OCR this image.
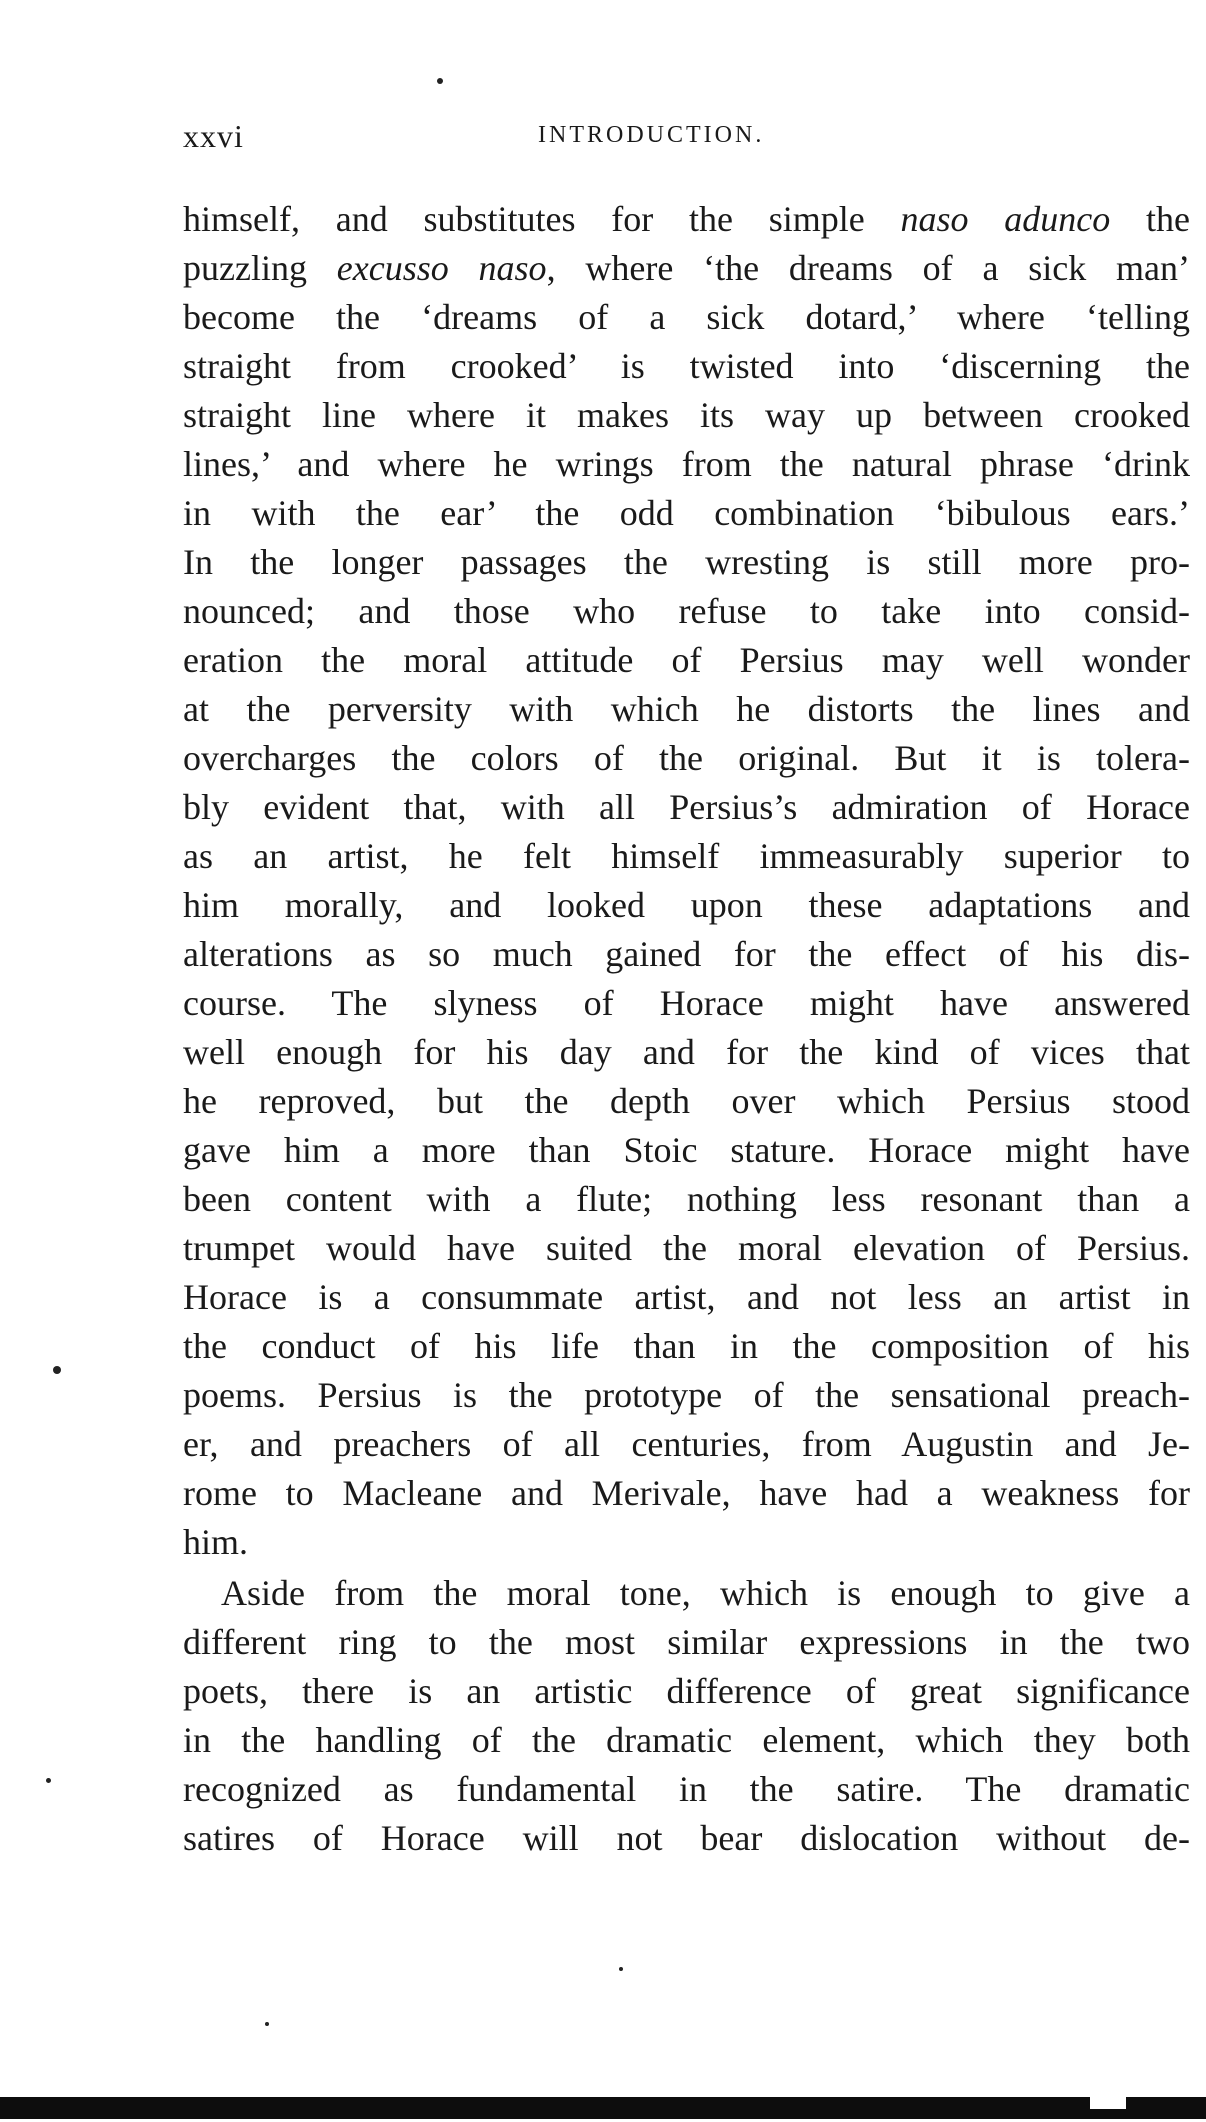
xxvi	INTRODUCTION.
himself, and substitutes for the simple naso adunco the
puzzling excusso naso, where ‘the dreams of a sick man’
become the ‘dreams of a sick dotard,’ where ‘telling
straight from crooked’ is twisted into ‘discerning the
straight line where it makes its way up between crooked
lines,’ and where he wrings from the natural phrase ‘drink
in with the ear’ the odd combination ‘bibulous ears.’
In the longer passages the wresting is still more pro-
nounced; and those who refuse to take into consid-
eration the moral attitude of Persius may well wonder
at the perversity with which he distorts the lines and
overcharges the colors of the original. But it is tolera-
bly evident that, with all Persius’s admiration of Horace
as an artist, he felt himself immeasurably superior to
him morally, and looked upon these adaptations and
alterations as so much gained for the effect of his dis-
course. The slyness of Horace might have answered
well enough for his day and for the kind of vices that
he reproved, but the depth over which Persius stood
gave him a more than Stoic stature. Horace might have
been content with a flute; nothing less resonant than a
trumpet would have suited the moral elevation of Persius.
Horace is a consummate artist, and not less an artist in
the conduct of his life than in the composition of his
poems. Persius is the prototype of the sensational preach-
er, and preachers of all centuries, from Augustin and Je-
rome to Macleane and Merivale, have had a weakness for
him.
Aside from the moral tone, which is enough to give a
different ring to the most similar expressions in the two
poets, there is an artistic difference of great significance
in the handling of the dramatic element, which they both
recognized as fundamental in the satire. The dramatic
satires of Horace will not bear dislocation without de-
